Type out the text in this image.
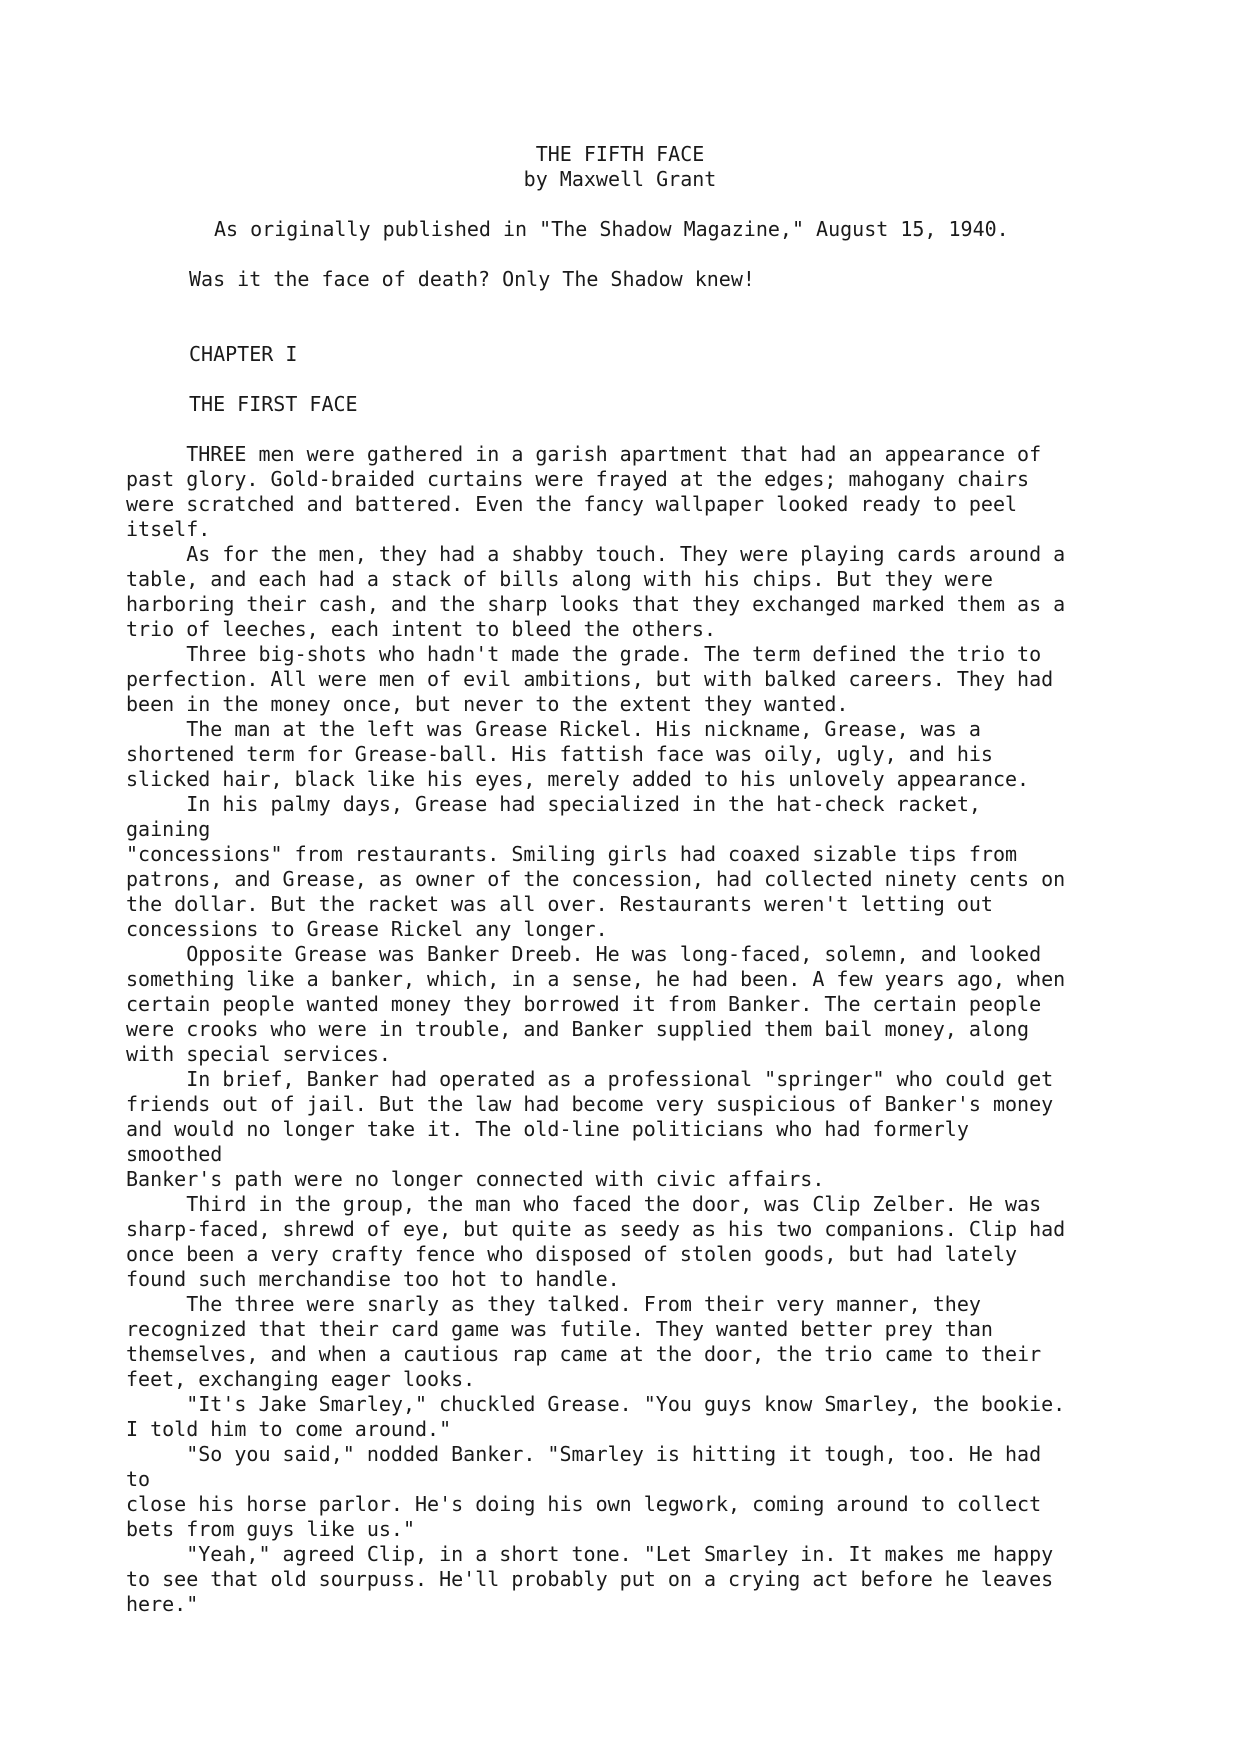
THE FIFTH FACE
by Maxwell Grant
As originally published in "The Shadow Magazine," August 15, 1940.
Was it the face of death? Only The Shadow knew!
CHAPTER I
THE FIRST FACE
THREE men were gathered in a garish apartment that had an appearance of
past glory. Gold-braided curtains were frayed at the edges; mahogany chairs
were scratched and battered. Even the fancy wallpaper looked ready to peel
itself.
As for the men, they had a shabby touch. They were playing cards around a
table, and each had a stack of bills along with his chips. But they were
harboring their cash, and the sharp looks that they exchanged marked them as a
trio of leeches, each intent to bleed the others.
Three big-shots who hadn't made the grade. The term defined the trio to
perfection. All were men of evil ambitions, but with balked careers. They had
been in the money once, but never to the extent they wanted.
The man at the left was Grease Rickel. His nickname, Grease, was a
shortened term for Grease-ball. His fattish face was oily, ugly, and his
slicked hair, black like his eyes, merely added to his unlovely appearance.
In his palmy days, Grease had specialized in the hat-check racket,
gaining
"concessions" from restaurants. Smiling girls had coaxed sizable tips from
patrons, and Grease, as owner of the concession, had collected ninety cents on
the dollar. But the racket was all over. Restaurants weren't letting out
concessions to Grease Rickel any longer.
Opposite Grease was Banker Dreeb. He was long-faced, solemn, and looked
something like a banker, which, in a sense, he had been. A few years ago, when
certain people wanted money they borrowed it from Banker. The certain people
were crooks who were in trouble, and Banker supplied them bail money, along
with special services.
In brief, Banker had operated as a professional "springer" who could get
friends out of jail. But the law had become very suspicious of Banker's money
and would no longer take it. The old-line politicians who had formerly
smoothed
Banker's path were no longer connected with civic affairs.
Third in the group, the man who faced the door, was Clip Zelber. He was
sharp-faced, shrewd of eye, but quite as seedy as his two companions. Clip had
once been a very crafty fence who disposed of stolen goods, but had lately
found such merchandise too hot to handle.
The three were snarly as they talked. From their very manner, they
recognized that their card game was futile. They wanted better prey than
themselves, and when a cautious rap came at the door, the trio came to their
feet, exchanging eager looks.
"It's Jake Smarley," chuckled Grease. "You guys know Smarley, the bookie.
I told him to come around."
"So you said," nodded Banker. "Smarley is hitting it tough, too. He had
to
close his horse parlor. He's doing his own legwork, coming around to collect
bets from guys like us."
"Yeah," agreed Clip, in a short tone. "Let Smarley in. It makes me happy
to see that old sourpuss. He'll probably put on a crying act before he leaves
here."
